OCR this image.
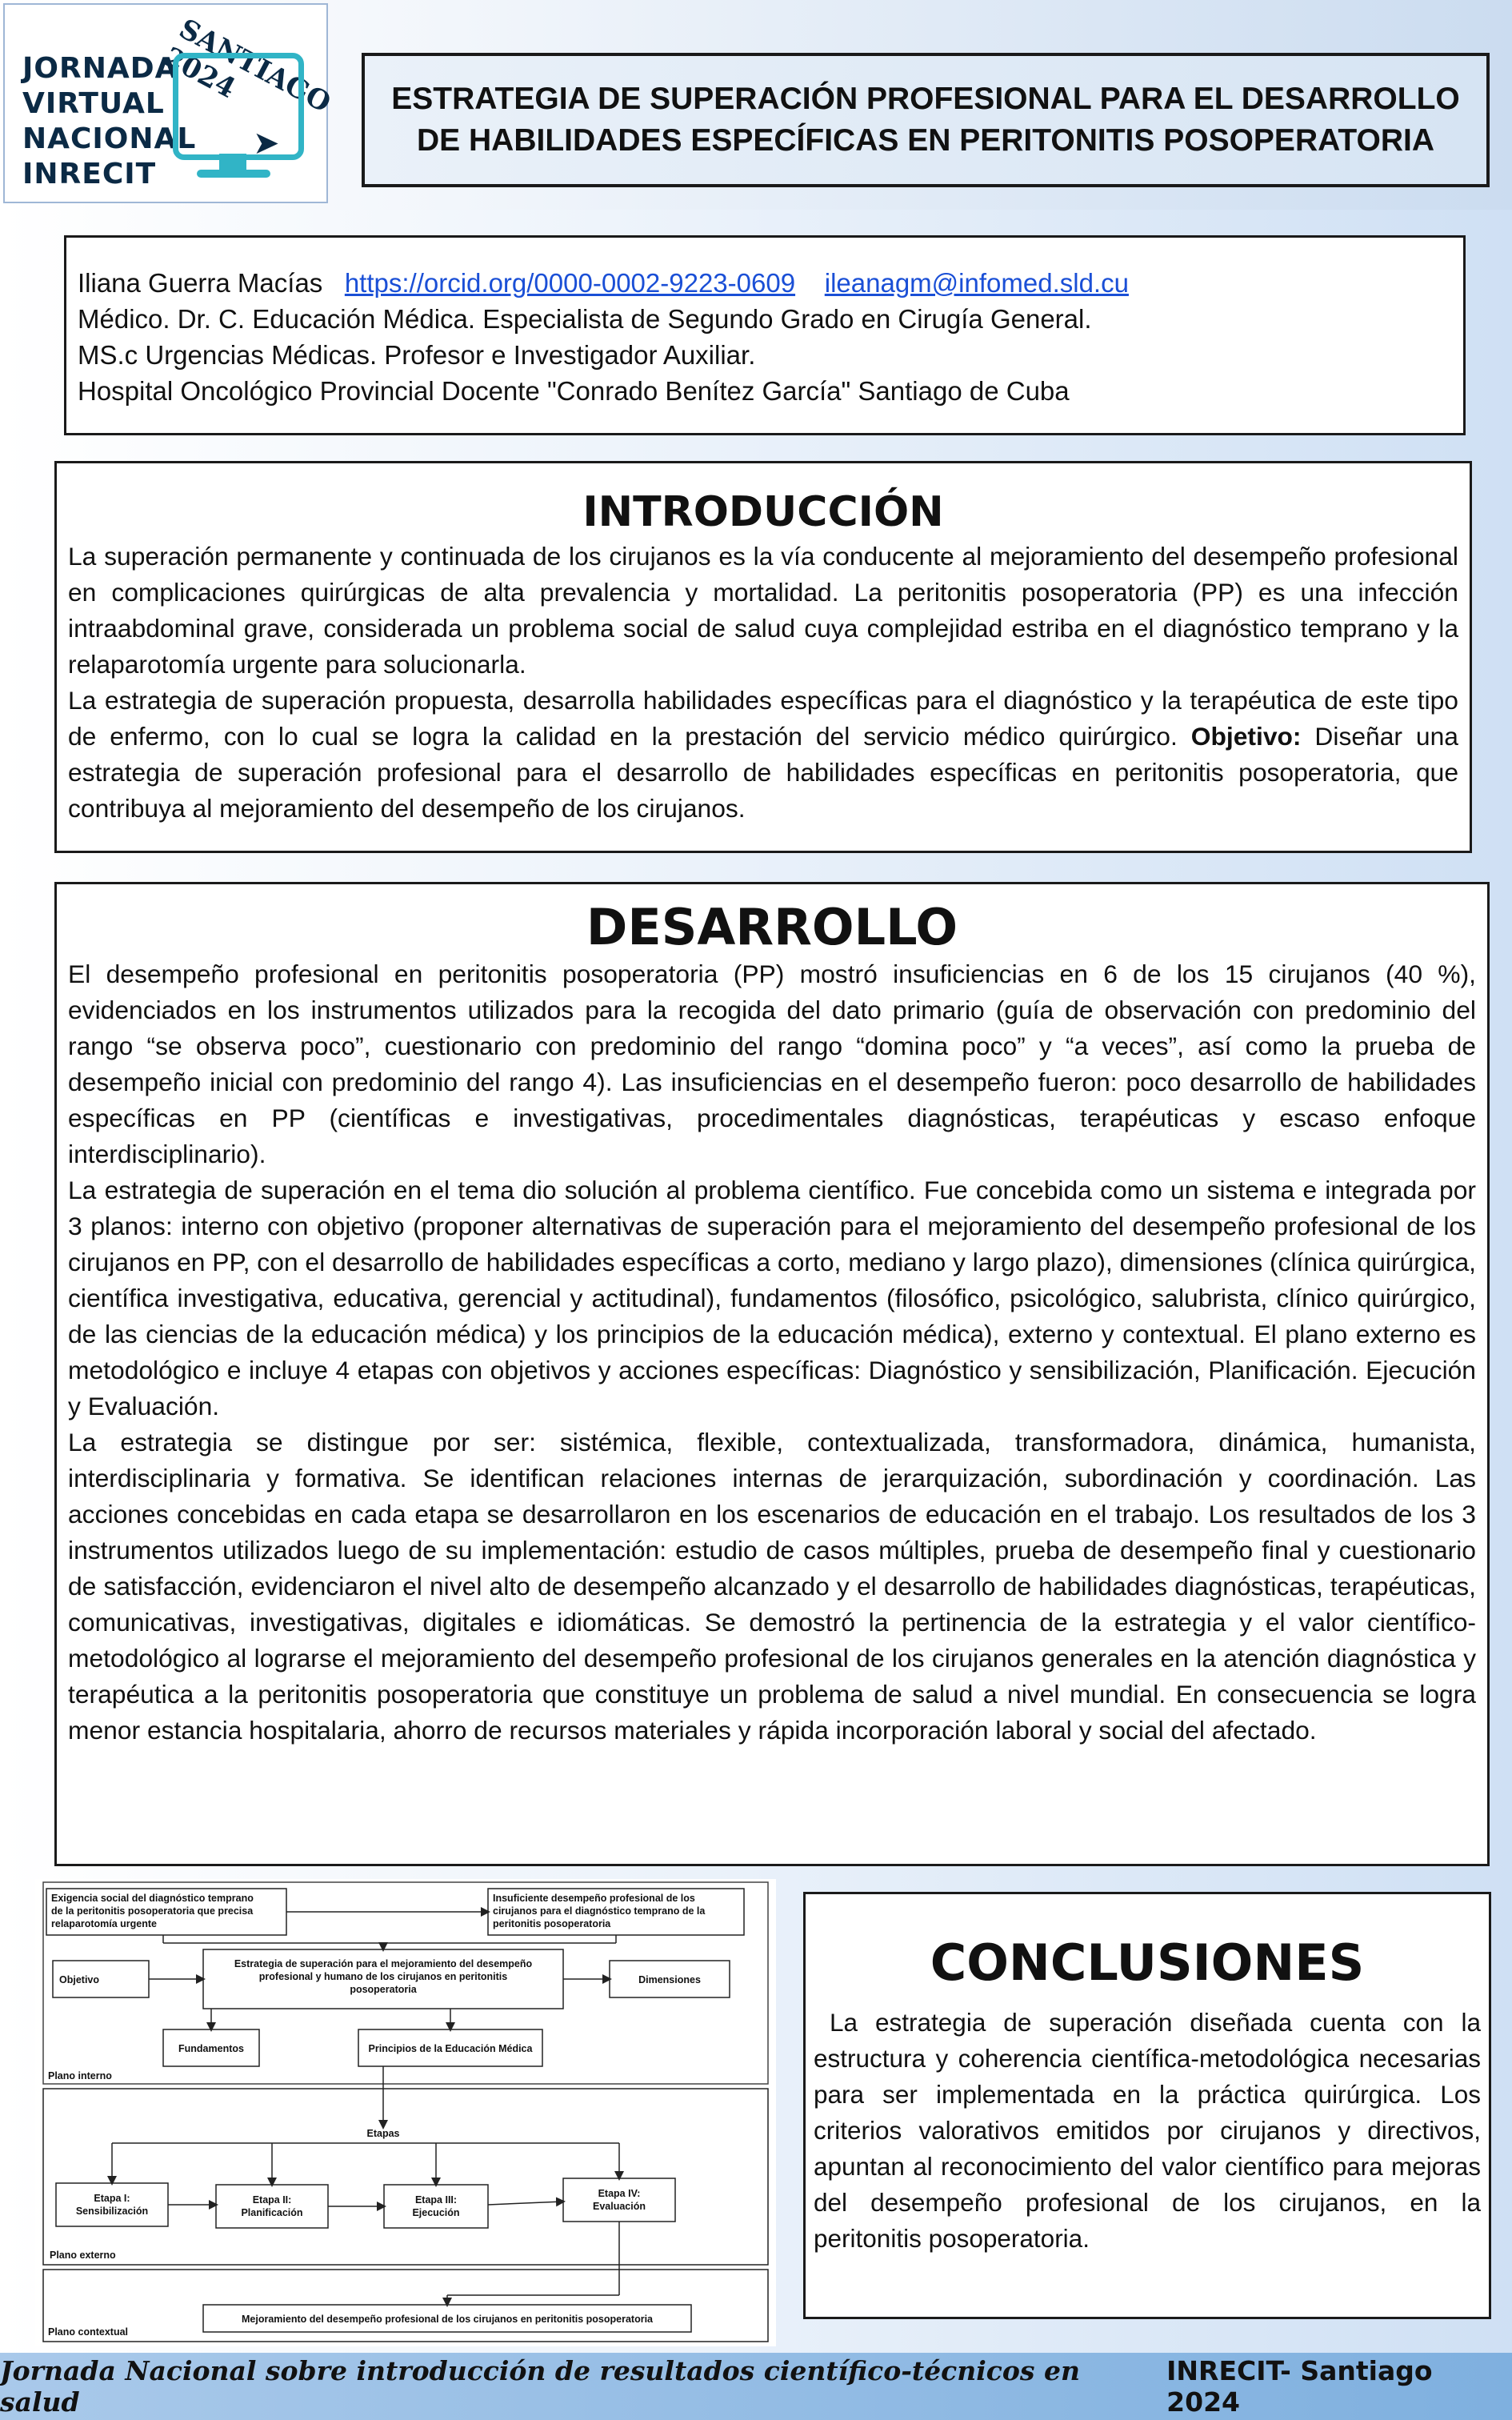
SANTIAGO 2024
JORNADA
VIRTUAL
NACIONAL
INRECIT
➤
ESTRATEGIA DE SUPERACIÓN PROFESIONAL PARA EL DESARROLLO DE HABILIDADES ESPECÍFICAS EN PERITONITIS POSOPERATORIA
Iliana Guerra Macías https://orcid.org/0000-0002-9223-0609 ileanagm@infomed.sld.cu
Médico. Dr. C. Educación Médica. Especialista de Segundo Grado en Cirugía General.
MS.c Urgencias Médicas. Profesor e Investigador Auxiliar.
Hospital Oncológico Provincial Docente "Conrado Benítez García" Santiago de Cuba
INTRODUCCIÓN

La superación permanente y continuada de los cirujanos es la vía conducente al mejoramiento del desempeño profesional en complicaciones quirúrgicas de alta prevalencia y mortalidad. La peritonitis posoperatoria (PP) es una infección intraabdominal grave, considerada un problema social de salud cuya complejidad estriba en el diagnóstico temprano y la relaparotomía urgente para solucionarla.

La estrategia de superación propuesta, desarrolla habilidades específicas para el diagnóstico y la terapéutica de este tipo de enfermo, con lo cual se logra la calidad en la prestación del servicio médico quirúrgico. Objetivo: Diseñar una estrategia de superación profesional para el desarrollo de habilidades específicas en peritonitis posoperatoria, que contribuya al mejoramiento del desempeño de los cirujanos.

DESARROLLO

El desempeño profesional en peritonitis posoperatoria (PP) mostró insuficiencias en 6 de los 15 cirujanos (40 %), evidenciados en los instrumentos utilizados para la recogida del dato primario (guía de observación con predominio del rango “se observa poco”, cuestionario con predominio del rango “domina poco” y “a veces”, así como la prueba de desempeño inicial con predominio del rango 4). Las insuficiencias en el desempeño fueron: poco desarrollo de habilidades específicas en PP (científicas e investigativas, procedimentales diagnósticas, terapéuticas y escaso enfoque interdisciplinario).

La estrategia de superación en el tema dio solución al problema científico. Fue concebida como un sistema e integrada por 3 planos: interno con objetivo (proponer alternativas de superación para el mejoramiento del desempeño profesional de los cirujanos en PP, con el desarrollo de habilidades específicas a corto, mediano y largo plazo), dimensiones (clínica quirúrgica, científica investigativa, educativa, gerencial y actitudinal), fundamentos (filosófico, psicológico, salubrista, clínico quirúrgico, de las ciencias de la educación médica) y los principios de la educación médica), externo y contextual. El plano externo es metodológico e incluye 4 etapas con objetivos y acciones específicas: Diagnóstico y sensibilización, Planificación. Ejecución y Evaluación.

La estrategia se distingue por ser: sistémica, flexible, contextualizada, transformadora, dinámica, humanista, interdisciplinaria y formativa. Se identifican relaciones internas de jerarquización, subordinación y coordinación. Las acciones concebidas en cada etapa se desarrollaron en los escenarios de educación en el trabajo. Los resultados de los 3 instrumentos utilizados luego de su implementación: estudio de casos múltiples, prueba de desempeño final y cuestionario de satisfacción, evidenciaron el nivel alto de desempeño alcanzado y el desarrollo de habilidades diagnósticas, terapéuticas, comunicativas, investigativas, digitales e idiomáticas. Se demostró la pertinencia de la estrategia y el valor científico-metodológico al lograrse el mejoramiento del desempeño profesional de los cirujanos generales en la atención diagnóstica y terapéutica a la peritonitis posoperatoria que constituye un problema de salud a nivel mundial. En consecuencia se logra menor estancia hospitalaria, ahorro de recursos materiales y rápida incorporación laboral y social del afectado.

Exigencia social del diagnóstico temprano
de la peritonitis posoperatoria que precisa
relaparotomía urgente
Insuficiente desempeño profesional de los
cirujanos para el diagnóstico temprano de la
peritonitis posoperatoria
Objetivo
Estrategia de superación para el mejoramiento del desempeño
profesional y humano de los cirujanos en peritonitis
posoperatoria
Dimensiones
Fundamentos	Principios de la Educación Médica
Plano interno
Etapas
Etapa I:
Sensibilización
Etapa II:
Planificación
Etapa III:
Ejecución
Etapa IV:
Evaluación
Plano externo
Plano contextual
Mejoramiento del desempeño profesional de los cirujanos en peritonitis posoperatoria
CONCLUSIONES

La estrategia de superación diseñada cuenta con la estructura y coherencia científica-metodológica necesarias para ser implementada en la práctica quirúrgica. Los criterios valorativos emitidos por cirujanos y directivos, apuntan al reconocimiento del valor científico para mejoras del desempeño profesional de los cirujanos, en la peritonitis posoperatoria.

Jornada Nacional sobre introducción de resultados científico-técnicos en salud
INRECIT- Santiago 2024
